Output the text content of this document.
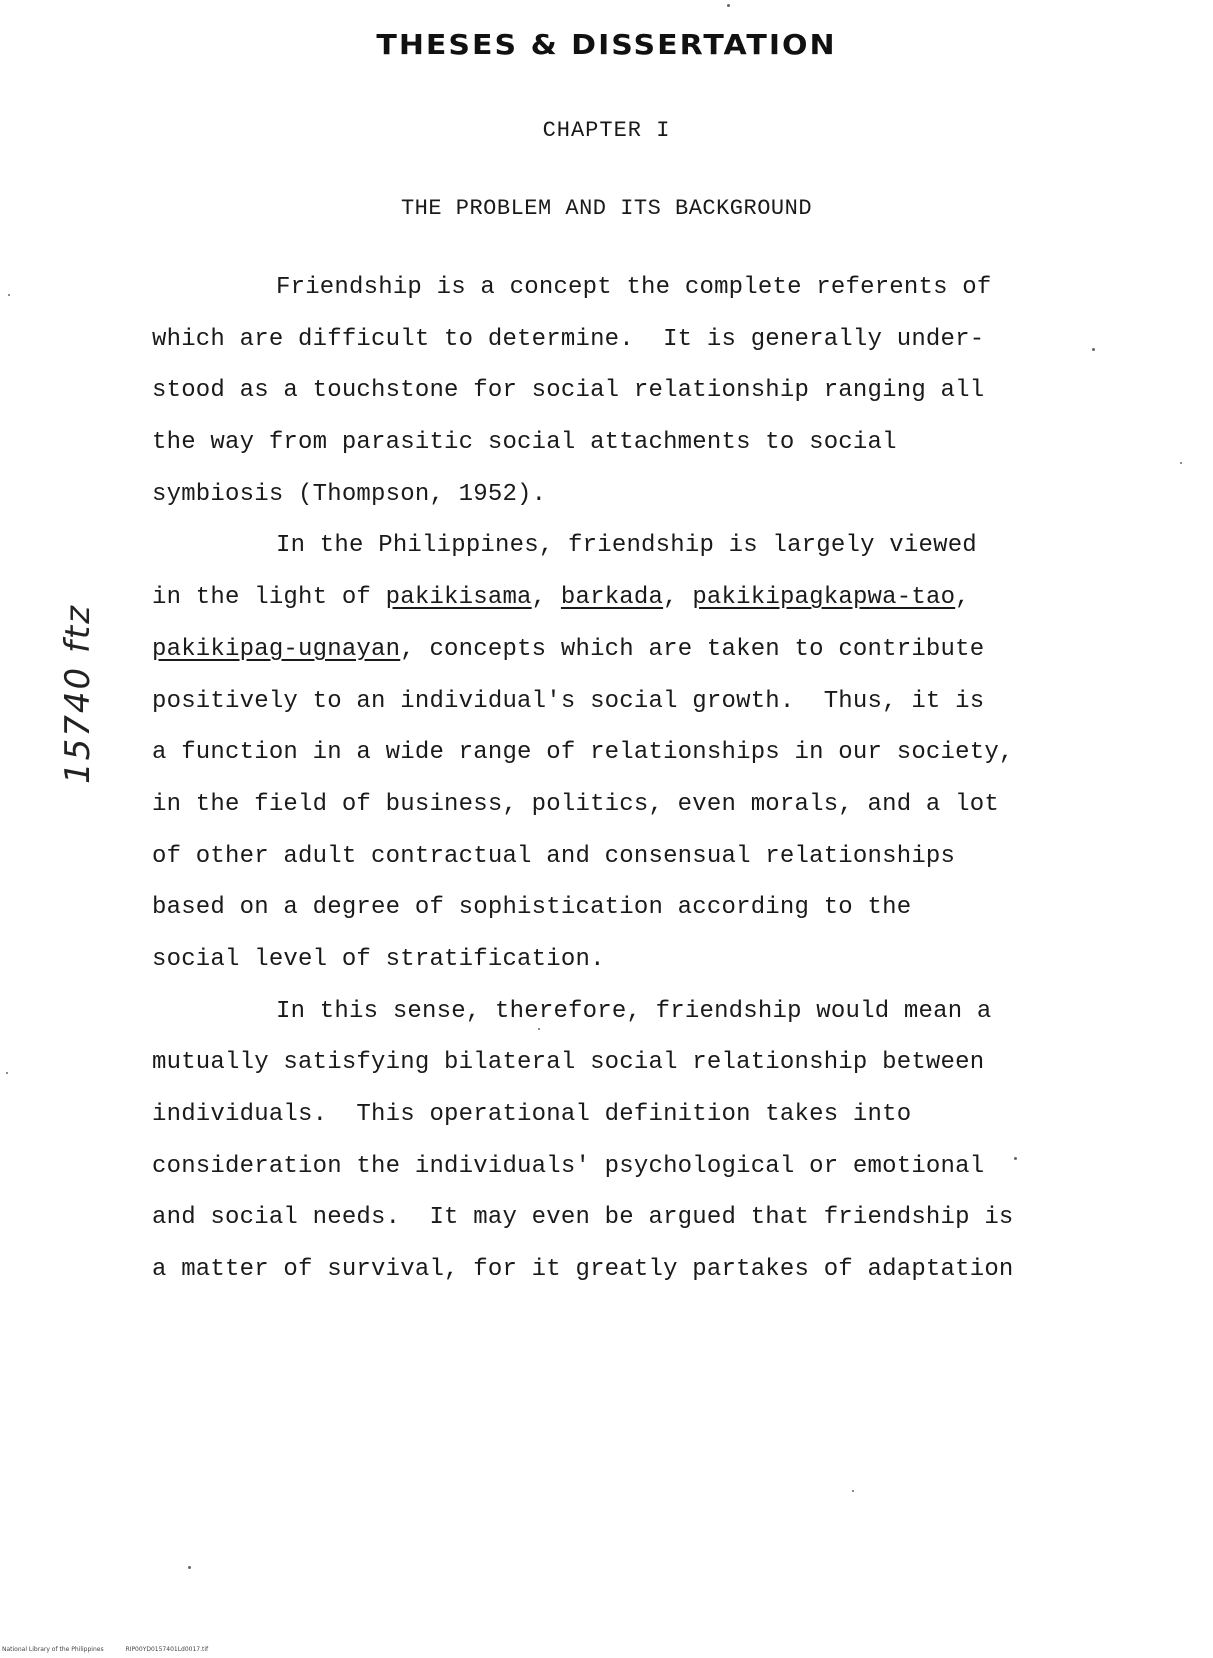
THESES & DISSERTATION
CHAPTER I
THE PROBLEM AND ITS BACKGROUND
Friendship is a concept the complete referents of
which are difficult to determine.  It is generally under-
stood as a touchstone for social relationship ranging all
the way from parasitic social attachments to social
symbiosis (Thompson, 1952).
In the Philippines, friendship is largely viewed
in the light of pakikisama, barkada, pakikipagkapwa-tao,
pakikipag-ugnayan, concepts which are taken to contribute
positively to an individual's social growth.  Thus, it is
a function in a wide range of relationships in our society,
in the field of business, politics, even morals, and a lot
of other adult contractual and consensual relationships
based on a degree of sophistication according to the
social level of stratification.
In this sense, therefore, friendship would mean a
mutually satisfying bilateral social relationship between
individuals.  This operational definition takes into
consideration the individuals' psychological or emotional
and social needs.  It may even be argued that friendship is
a matter of survival, for it greatly partakes of adaptation
15740 ftz
National Library of the Philippines	RIP00YD0157401Ld0017.tif
